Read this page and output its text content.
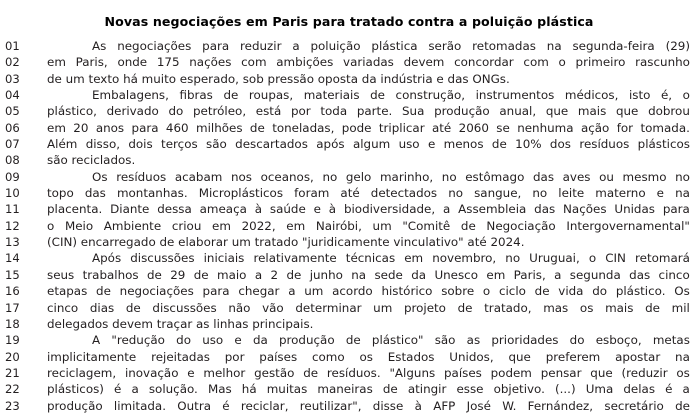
Novas negociações em Paris para tratado contra a poluição plástica
01	As negociações para reduzir a poluição plástica serão retomadas na segunda-feira (29)
02	em Paris, onde 175 nações com ambições variadas devem concordar com o primeiro rascunho
03	de um texto há muito esperado, sob pressão oposta da indústria e das ONGs.
04	Embalagens, fibras de roupas, materiais de construção, instrumentos médicos, isto é, o
05	plástico, derivado do petróleo, está por toda parte. Sua produção anual, que mais que dobrou
06	em 20 anos para 460 milhões de toneladas, pode triplicar até 2060 se nenhuma ação for tomada.
07	Além disso, dois terços são descartados após algum uso e menos de 10% dos resíduos plásticos
08	são reciclados.
09	Os resíduos acabam nos oceanos, no gelo marinho, no estômago das aves ou mesmo no
10	topo das montanhas. Microplásticos foram até detectados no sangue, no leite materno e na
11	placenta. Diante dessa ameaça à saúde e à biodiversidade, a Assembleia das Nações Unidas para
12	o Meio Ambiente criou em 2022, em Nairóbi, um "Comitê de Negociação Intergovernamental"
13	(CIN) encarregado de elaborar um tratado "juridicamente vinculativo" até 2024.
14	Após discussões iniciais relativamente técnicas em novembro, no Uruguai, o CIN retomará
15	seus trabalhos de 29 de maio a 2 de junho na sede da Unesco em Paris, a segunda das cinco
16	etapas de negociações para chegar a um acordo histórico sobre o ciclo de vida do plástico. Os
17	cinco dias de discussões não vão determinar um projeto de tratado, mas os mais de mil
18	delegados devem traçar as linhas principais.
19	A "redução do uso e da produção de plástico" são as prioridades do esboço, metas
20	implicitamente rejeitadas por países como os Estados Unidos, que preferem apostar na
21	reciclagem, inovação e melhor gestão de resíduos. "Alguns países podem pensar que (reduzir os
22	plásticos) é a solução. Mas há muitas maneiras de atingir esse objetivo. (...) Uma delas é a
23	produção limitada. Outra é reciclar, reutilizar", disse à AFP José W. Fernández, secretário de
